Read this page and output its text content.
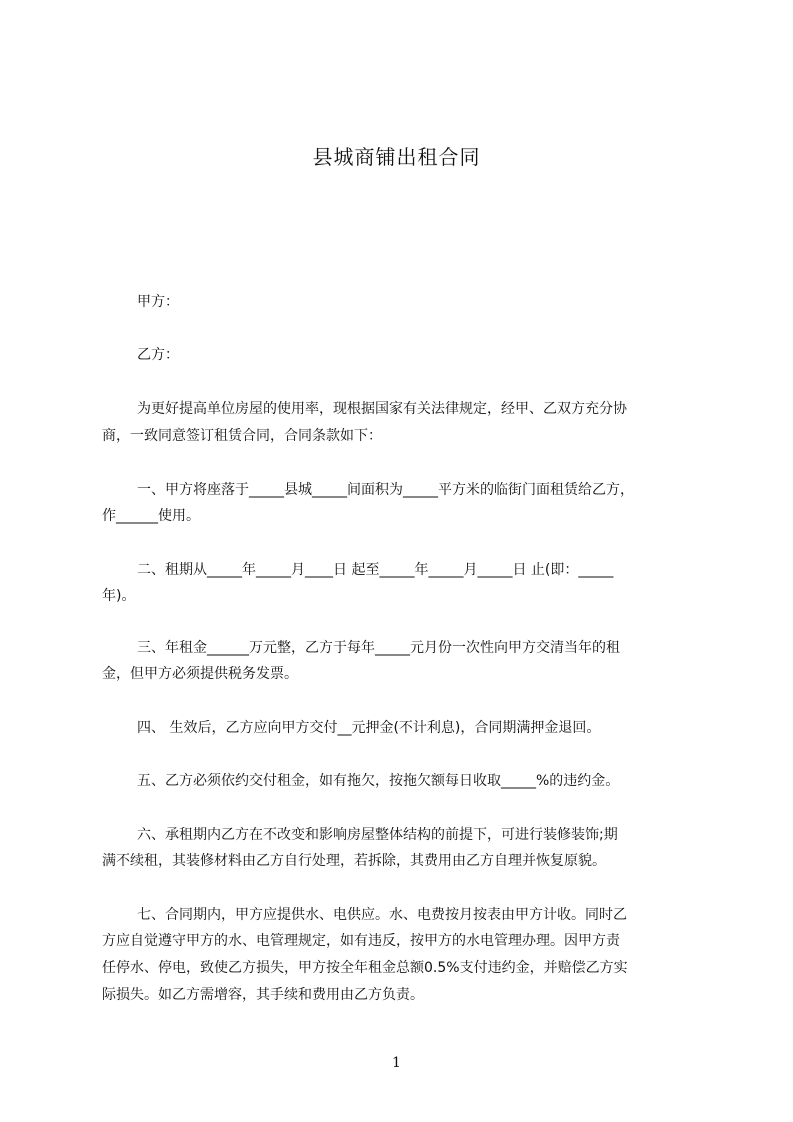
县城商铺出租合同

甲方：

乙方：

为更好提高单位房屋的使用率，现根据国家有关法律规定，经甲、乙双方充分协

商，一致同意签订租赁合同，合同条款如下：

一、甲方将座落于_____县城_____间面积为_____平方米的临街门面租赁给乙方，

作______使用。

二、租期从_____年_____月____日 起至_____年_____月_____日 止(即：_____

年)。

三、年租金______万元整，乙方于每年_____元月份一次性向甲方交清当年的租

金，但甲方必须提供税务发票。

四、 生效后，乙方应向甲方交付__元押金(不计利息)，合同期满押金退回。

五、乙方必须依约交付租金，如有拖欠，按拖欠额每日收取_____%的违约金。

六、承租期内乙方在不改变和影响房屋整体结构的前提下，可进行装修装饰;期

满不续租，其装修材料由乙方自行处理，若拆除，其费用由乙方自理并恢复原貌。

七、合同期内，甲方应提供水、电供应。水、电费按月按表由甲方计收。同时乙

方应自觉遵守甲方的水、电管理规定，如有违反，按甲方的水电管理办理。因甲方责

任停水、停电，致使乙方损失，甲方按全年租金总额0.5%支付违约金，并赔偿乙方实

际损失。如乙方需增容，其手续和费用由乙方负责。

1
